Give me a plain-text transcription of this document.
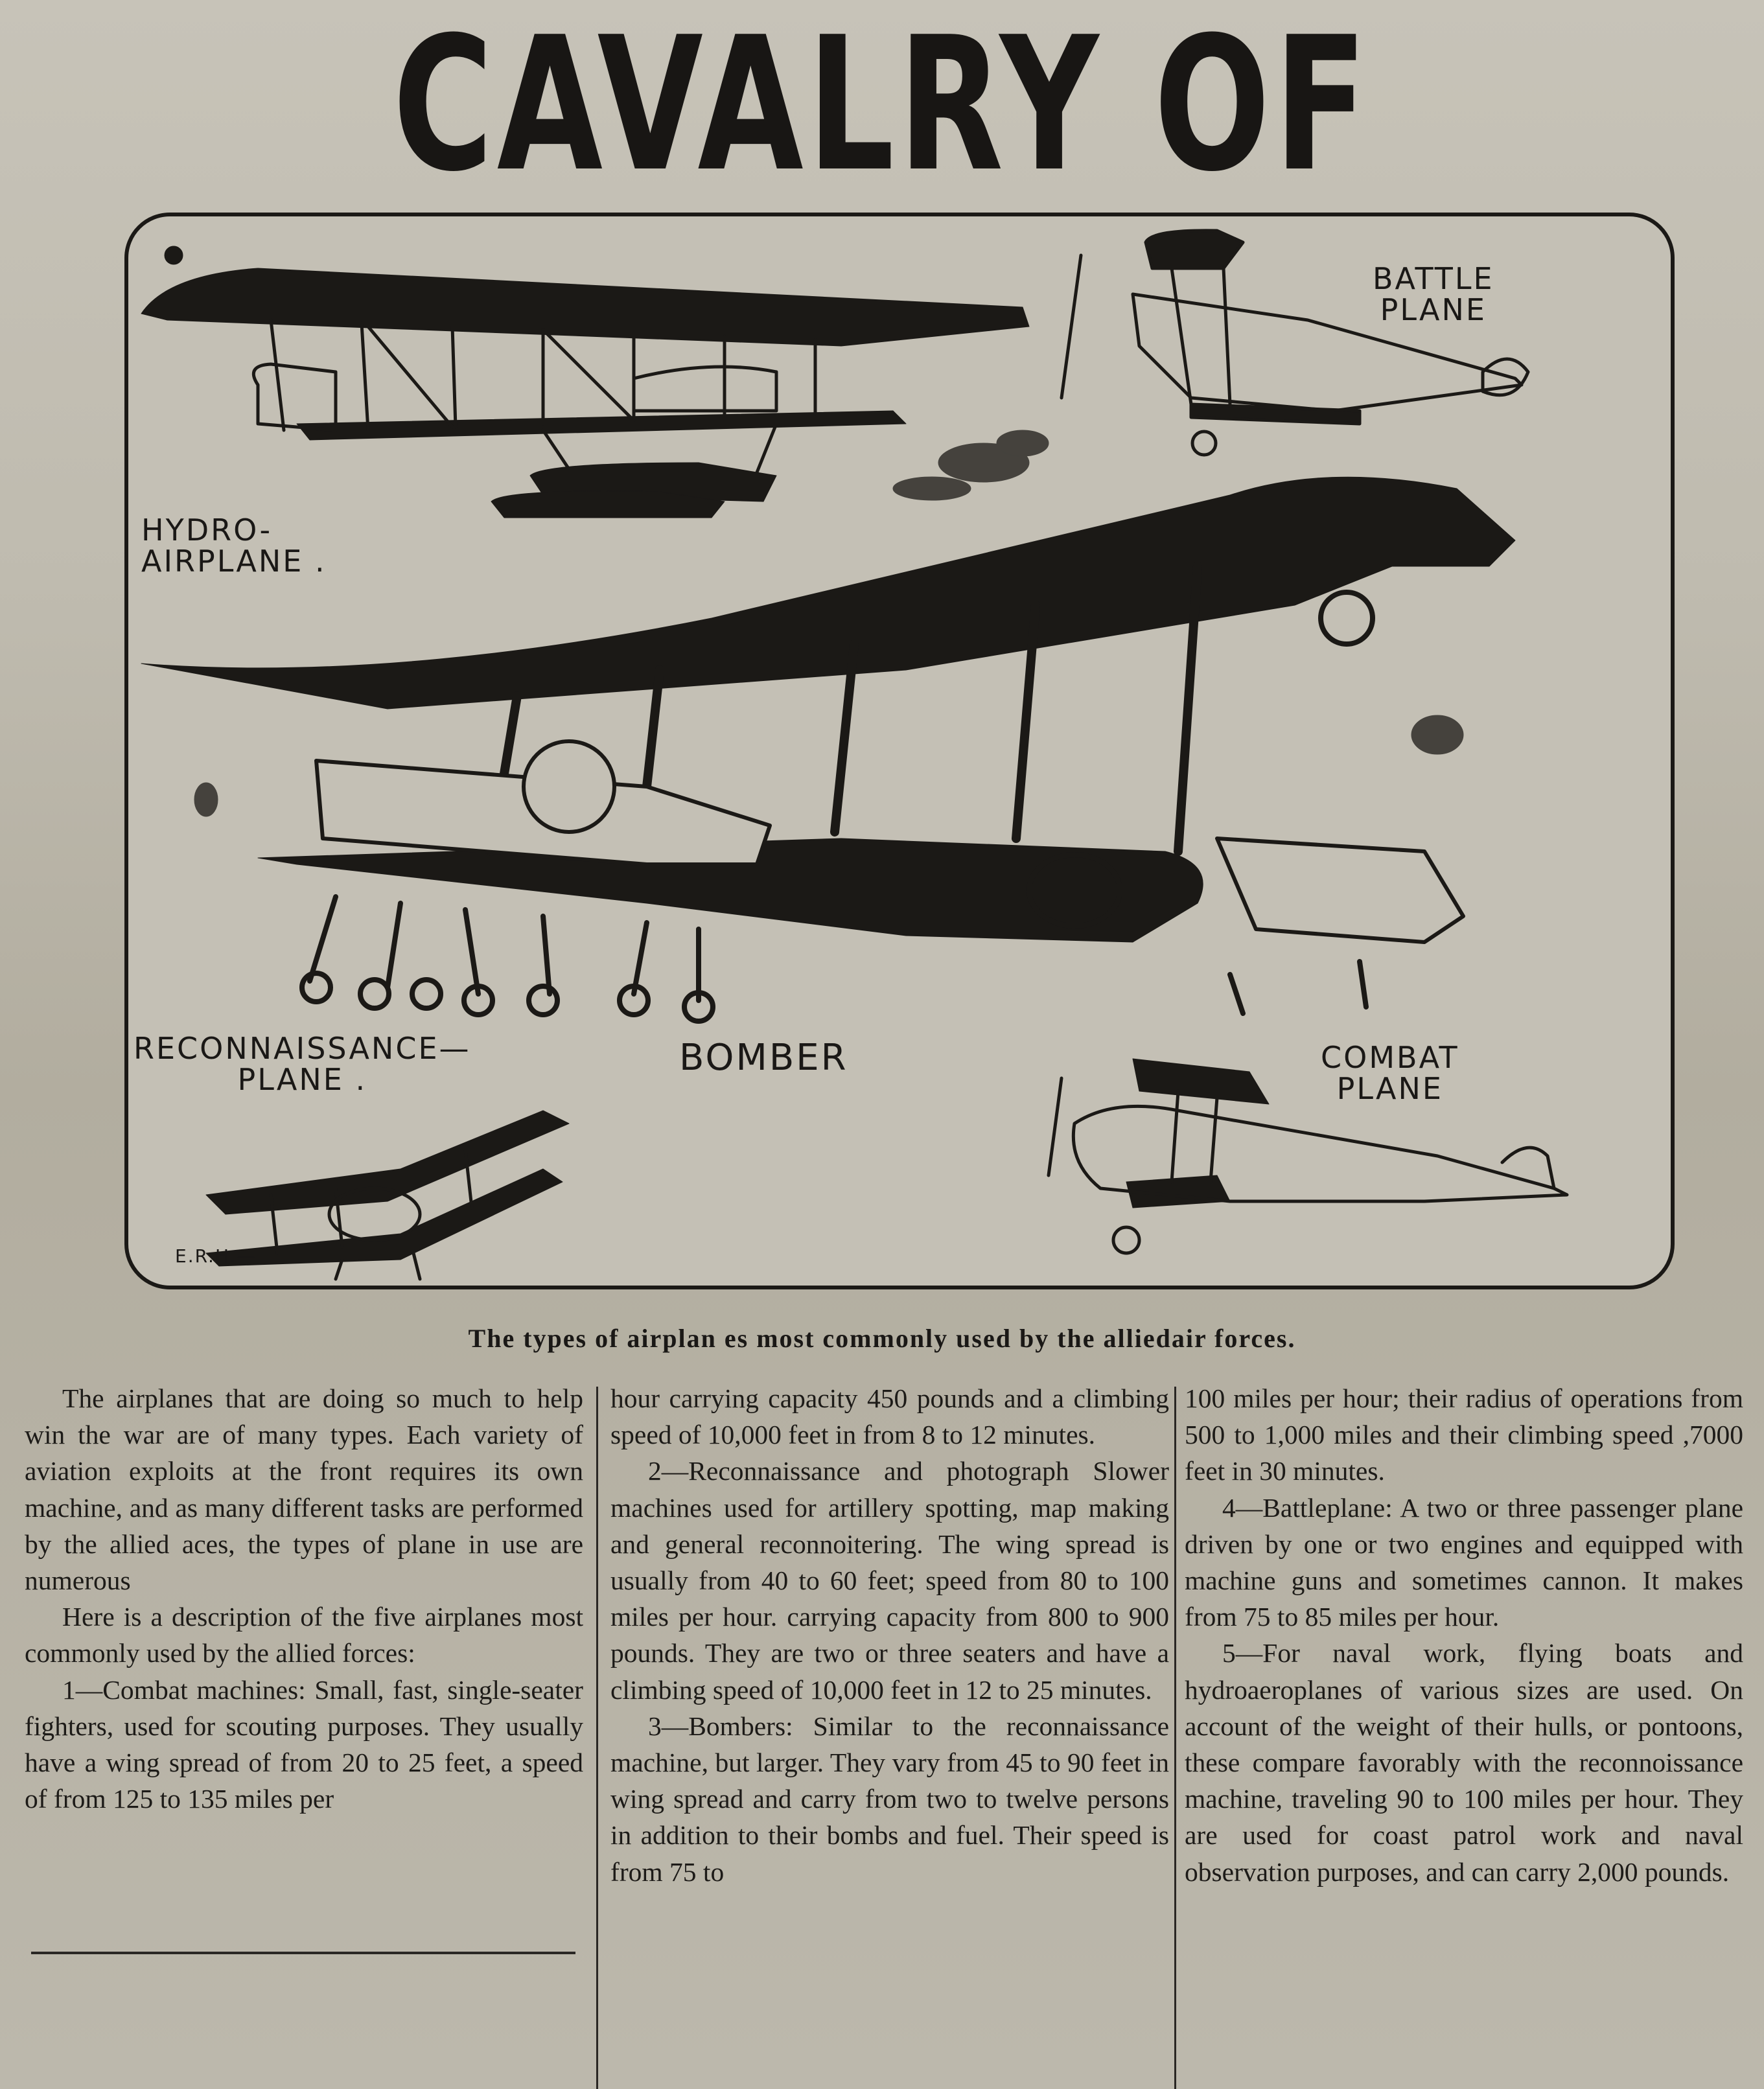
CAVALRY OF
HYDRO-
AIRPLANE .
BATTLE
PLANE
BOMBER
RECONNAISSANCE—
PLANE .
COMBAT
PLANE
E.R.H.—
The types of airplan es most commonly used by the alliedair forces.

The airplanes that are doing so much to help win the war are of many types. Each variety of aviation exploits at the front requires its own machine, and as many different tasks are performed by the allied aces, the types of plane in use are numerous

Here is a description of the five airplanes most commonly used by the allied forces:

1—Combat machines: Small, fast, single-seater fighters, used for scouting purposes. They usually have a wing spread of from 20 to 25 feet, a speed of from 125 to 135 miles per

hour carrying capacity 450 pounds and a climbing speed of 10,000 feet in from 8 to 12 minutes.

2—Reconnaissance and photograph Slower machines used for artillery spotting, map making and general reconnoitering. The wing spread is usually from 40 to 60 feet; speed from 80 to 100 miles per hour. carrying capacity from 800 to 900 pounds. They are two or three seaters and have a climbing speed of 10,000 feet in 12 to 25 minutes.

3—Bombers: Similar to the reconnaissance machine, but larger. They vary from 45 to 90 feet in wing spread and carry from two to twelve persons in addition to their bombs and fuel. Their speed is from 75 to

100 miles per hour; their radius of operations from 500 to 1,000 miles and their climbing speed ,7000 feet in 30 minutes.

4—Battleplane: A two or three passenger plane driven by one or two engines and equipped with machine guns and sometimes cannon. It makes from 75 to 85 miles per hour.

5—For naval work, flying boats and hydroaeroplanes of various sizes are used. On account of the weight of their hulls, or pontoons, these compare favorably with the reconnoissance machine, traveling 90 to 100 miles per hour. They are used for coast patrol work and naval observation purposes, and can carry 2,000 pounds.
